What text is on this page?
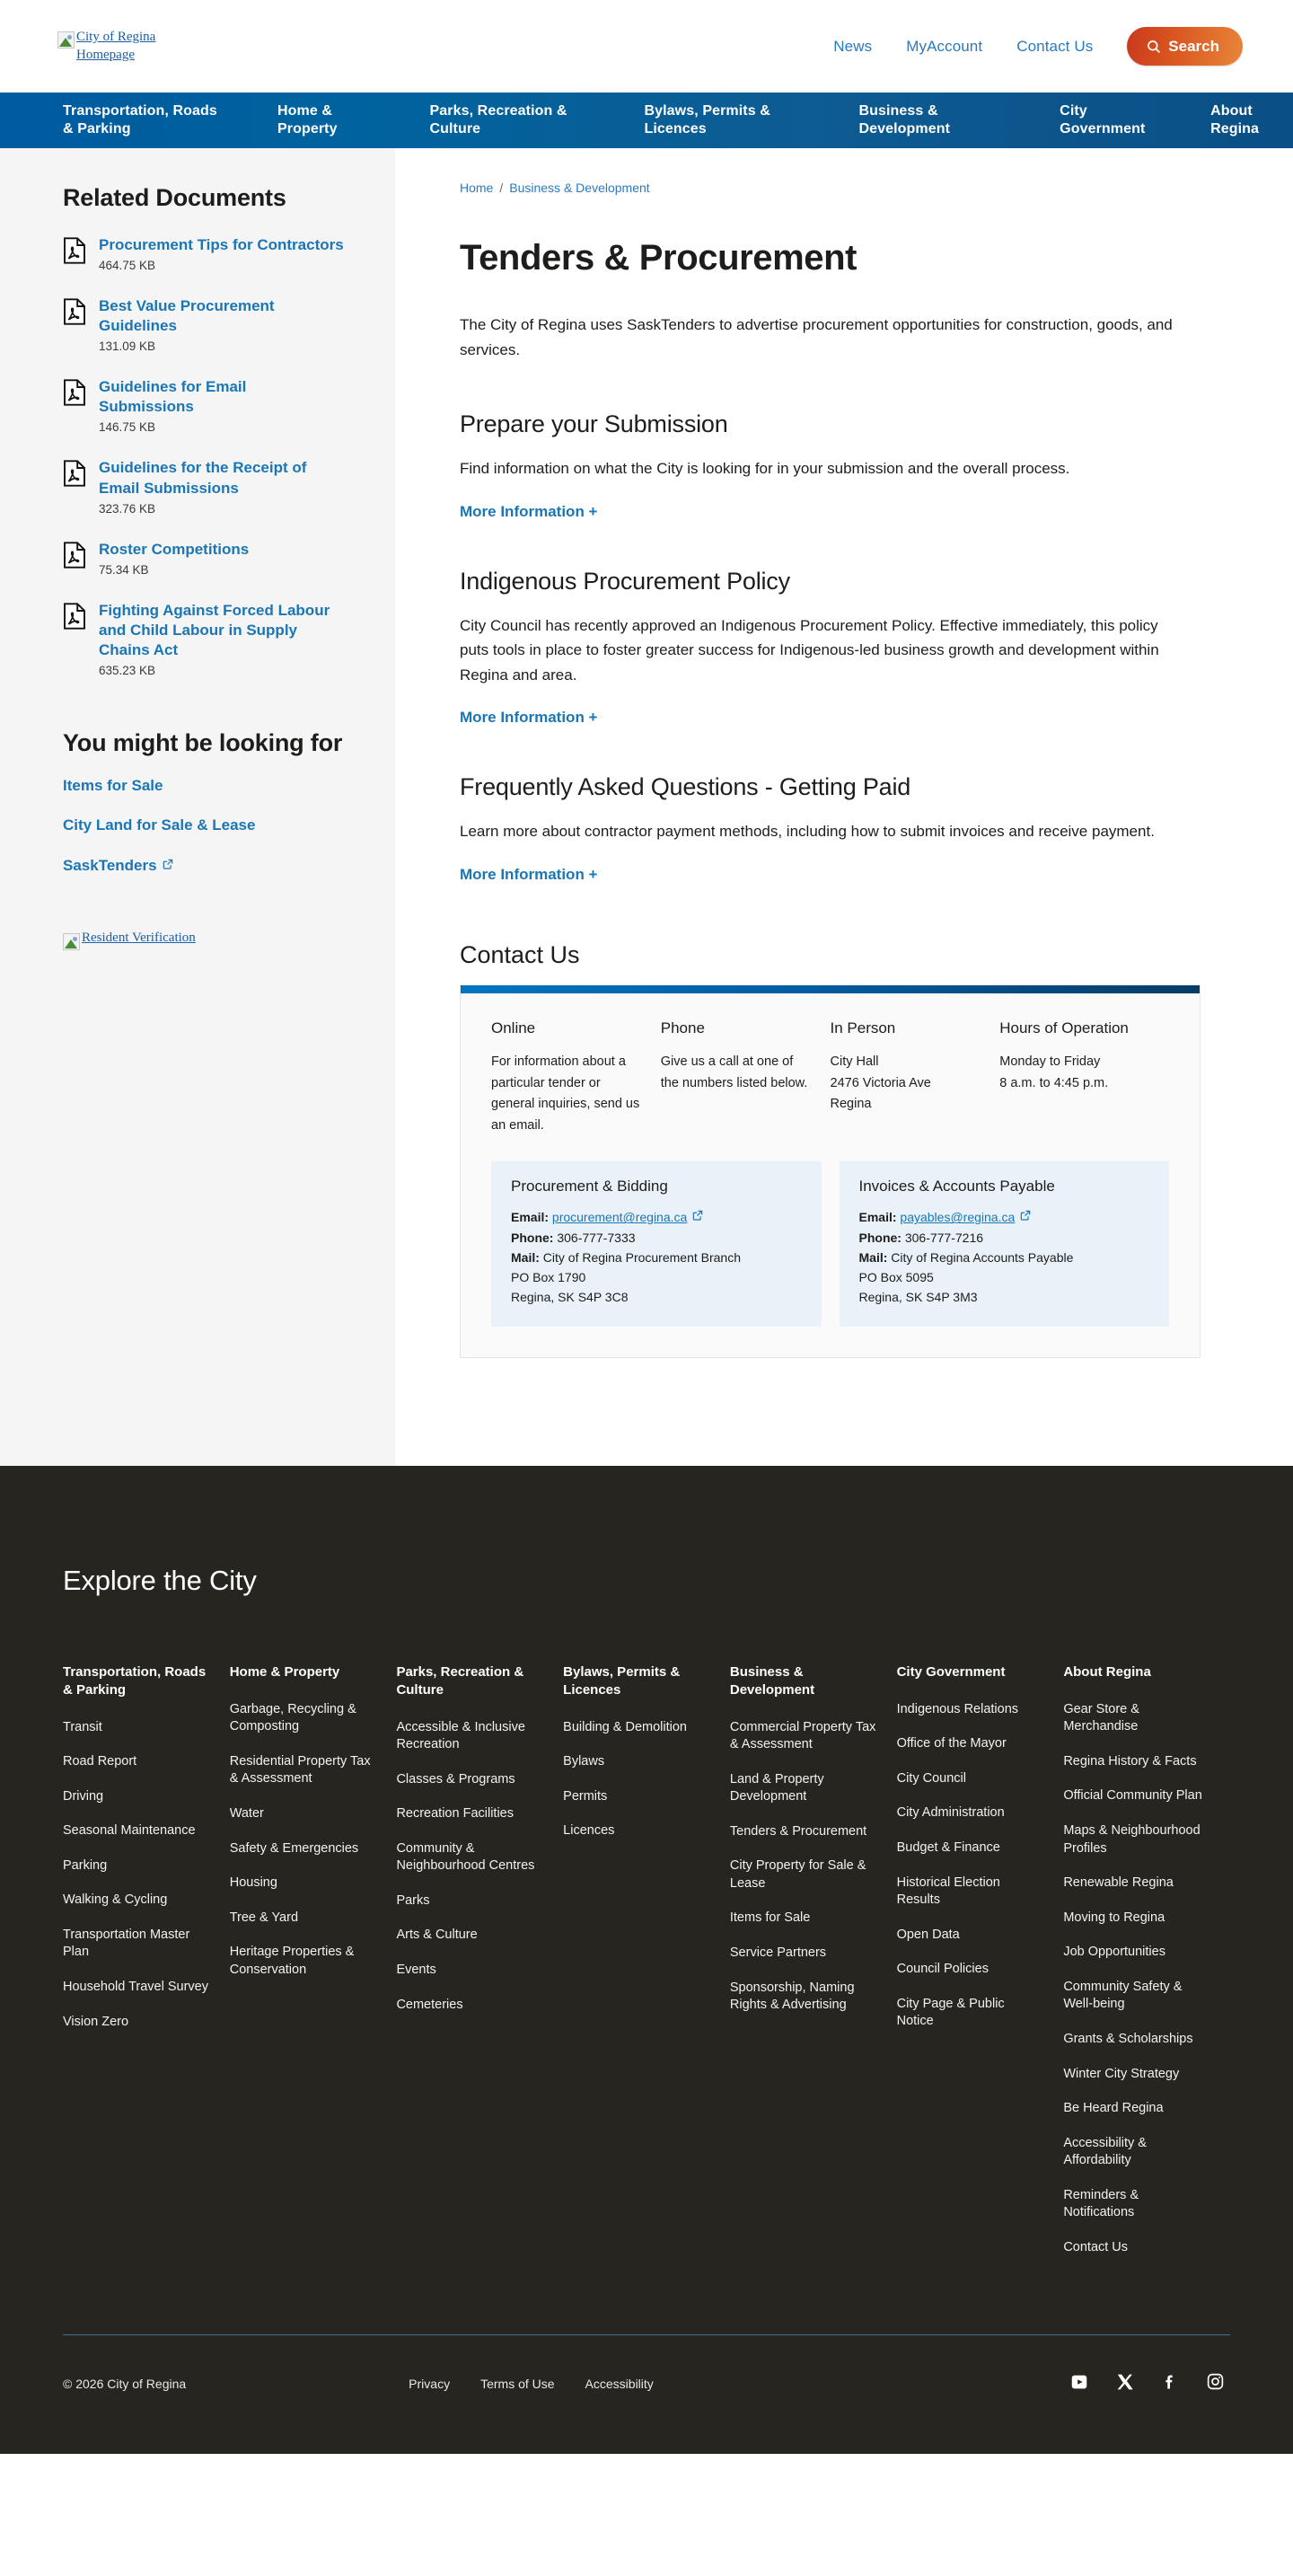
City of Regina Homepage	News MyAccount Contact Us	Search
Transportation, Roads & Parking
Home & Property
Parks, Recreation & Culture
Bylaws, Permits & Licences
Business & Development
City Government
About Regina
Related Documents
Procurement Tips for Contractors
464.75 KB
Best Value Procurement Guidelines
131.09 KB
Guidelines for Email Submissions
146.75 KB
Guidelines for the Receipt of Email Submissions
323.76 KB
Roster Competitions
75.34 KB
Fighting Against Forced Labour and Child Labour in Supply Chains Act
635.23 KB
You might be looking for
Items for Sale
City Land for Sale & Lease
SaskTenders
Resident Verification
Home / Business & Development
Tenders & Procurement

The City of Regina uses SaskTenders to advertise procurement opportunities for construction, goods, and services.

Prepare your Submission

Find information on what the City is looking for in your submission and the overall process.

More Information +
Indigenous Procurement Policy

City Council has recently approved an Indigenous Procurement Policy. Effective immediately, this policy puts tools in place to foster greater success for Indigenous-led business growth and development within Regina and area.

More Information +
Frequently Asked Questions - Getting Paid

Learn more about contractor payment methods, including how to submit invoices and receive payment.

More Information +
Contact Us
Online

For information about a particular tender or general inquiries, send us an email.

Phone

Give us a call at one of the numbers listed below.

In Person

City Hall
2476 Victoria Ave
Regina

Hours of Operation

Monday to Friday
8 a.m. to 4:45 p.m.

Procurement & Bidding
Email: procurement@regina.ca
Phone: 306-777-7333
Mail: City of Regina Procurement Branch
PO Box 1790
Regina, SK S4P 3C8
Invoices & Accounts Payable
Email: payables@regina.ca
Phone: 306-777-7216
Mail: City of Regina Accounts Payable
PO Box 5095
Regina, SK S4P 3M3
Explore the City
Transportation, Roads & Parking
Transit
Road Report
Driving
Seasonal Maintenance
Parking
Walking & Cycling
Transportation Master Plan
Household Travel Survey
Vision Zero
Home & Property
Garbage, Recycling & Composting
Residential Property Tax & Assessment
Water
Safety & Emergencies
Housing
Tree & Yard
Heritage Properties & Conservation
Parks, Recreation & Culture
Accessible & Inclusive Recreation
Classes & Programs
Recreation Facilities
Community & Neighbourhood Centres
Parks
Arts & Culture
Events
Cemeteries
Bylaws, Permits & Licences
Building & Demolition
Bylaws
Permits
Licences
Business & Development
Commercial Property Tax & Assessment
Land & Property Development
Tenders & Procurement
City Property for Sale & Lease
Items for Sale
Service Partners
Sponsorship, Naming Rights & Advertising
City Government
Indigenous Relations
Office of the Mayor
City Council
City Administration
Budget & Finance
Historical Election Results
Open Data
Council Policies
City Page & Public Notice
About Regina
Gear Store & Merchandise
Regina History & Facts
Official Community Plan
Maps & Neighbourhood Profiles
Renewable Regina
Moving to Regina
Job Opportunities
Community Safety & Well-being
Grants & Scholarships
Winter City Strategy
Be Heard Regina
Accessibility & Affordability
Reminders & Notifications
Contact Us
© 2026 City of Regina	Privacy Terms of Use Accessibility
